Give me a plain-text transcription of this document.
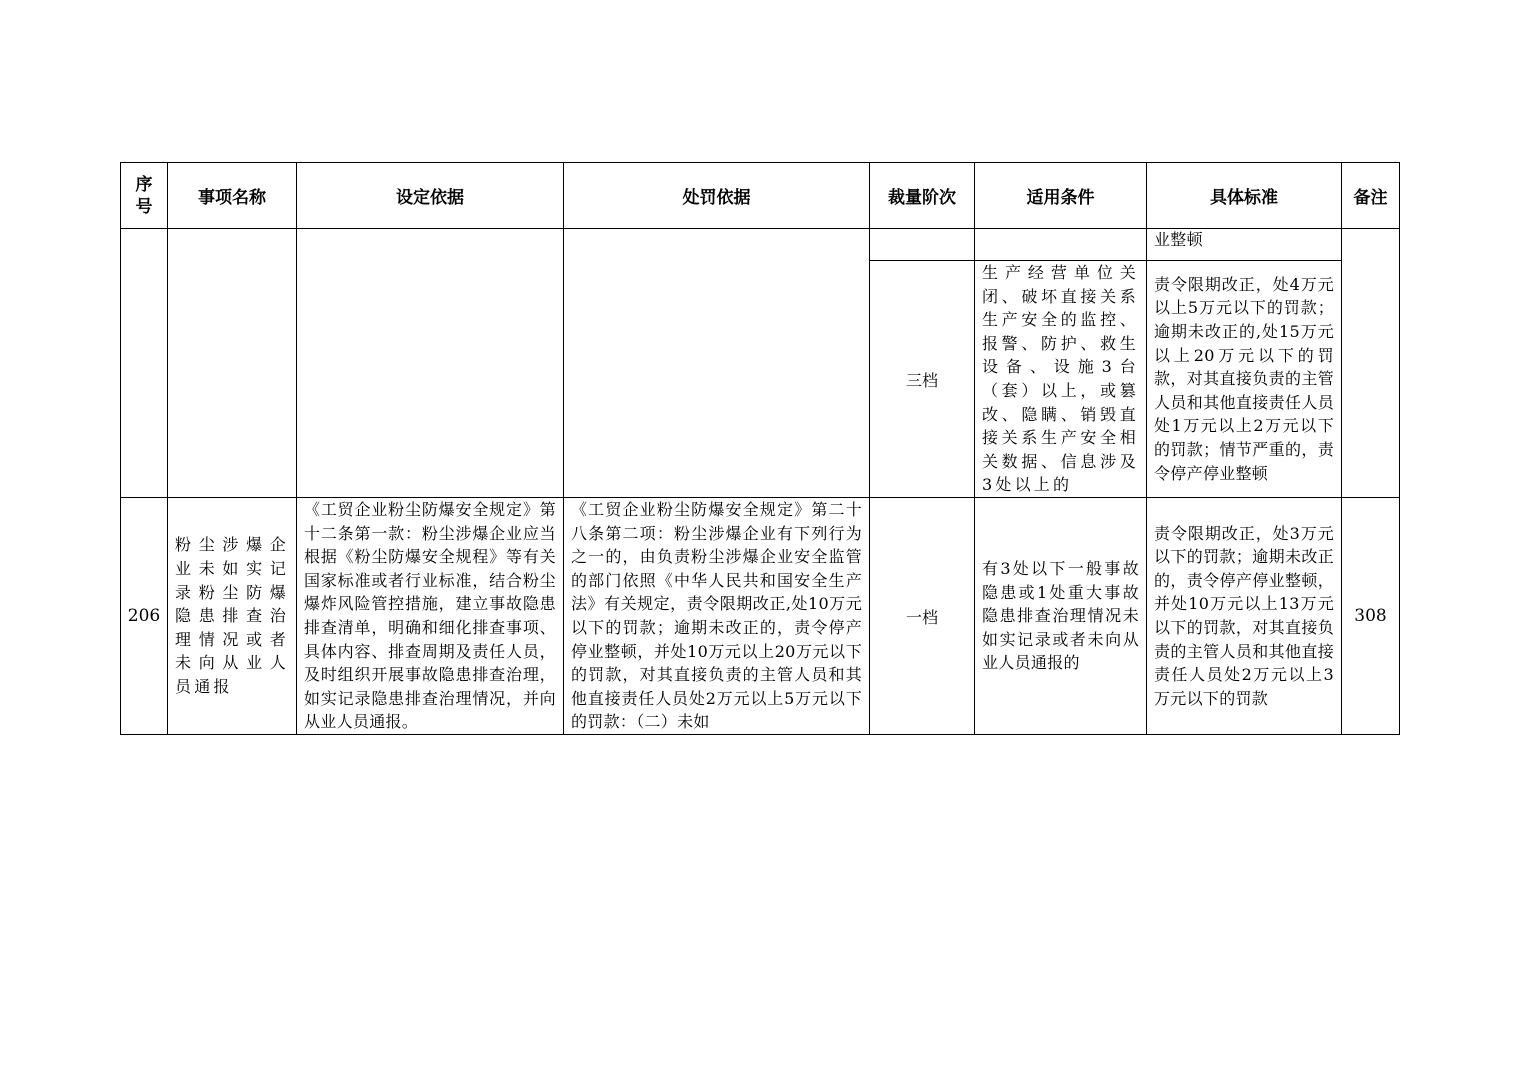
序号	事项名称	设定依据	处罚依据	裁量阶次	适用条件	具体标准	备注

						业整顿	

				三档	生产经营单位关闭、破坏直接关系生产安全的监控、报警、防护、救生设备、设施3台（套）以上，或篡改、隐瞒、销毁直接关系生产安全相关数据、信息涉及3处以上的	责令限期改正，处4万元以上5万元以下的罚款；逾期未改正的,处15万元以上20万元以下的罚款，对其直接负责的主管人员和其他直接责任人员处1万元以上2万元以下的罚款；情节严重的，责令停产停业整顿	

206	粉尘涉爆企业未如实记录粉尘防爆隐患排查治理情况或者未向从业人员通报	《工贸企业粉尘防爆安全规定》第十二条第一款：粉尘涉爆企业应当根据《粉尘防爆安全规程》等有关国家标准或者行业标准，结合粉尘爆炸风险管控措施，建立事故隐患排查清单，明确和细化排查事项、具体内容、排查周期及责任人员，及时组织开展事故隐患排查治理，如实记录隐患排查治理情况，并向从业人员通报。	《工贸企业粉尘防爆安全规定》第二十八条第二项：粉尘涉爆企业有下列行为之一的，由负责粉尘涉爆企业安全监管的部门依照《中华人民共和国安全生产法》有关规定，责令限期改正,处10万元以下的罚款；逾期未改正的，责令停产停业整顿，并处10万元以上20万元以下的罚款，对其直接负责的主管人员和其他直接责任人员处2万元以上5万元以下的罚款：（二）未如	一档	有3处以下一般事故隐患或1处重大事故隐患排查治理情况未如实记录或者未向从业人员通报的	责令限期改正，处3万元以下的罚款；逾期未改正的，责令停产停业整顿，并处10万元以上13万元以下的罚款，对其直接负责的主管人员和其他直接责任人员处2万元以上3万元以下的罚款	308
